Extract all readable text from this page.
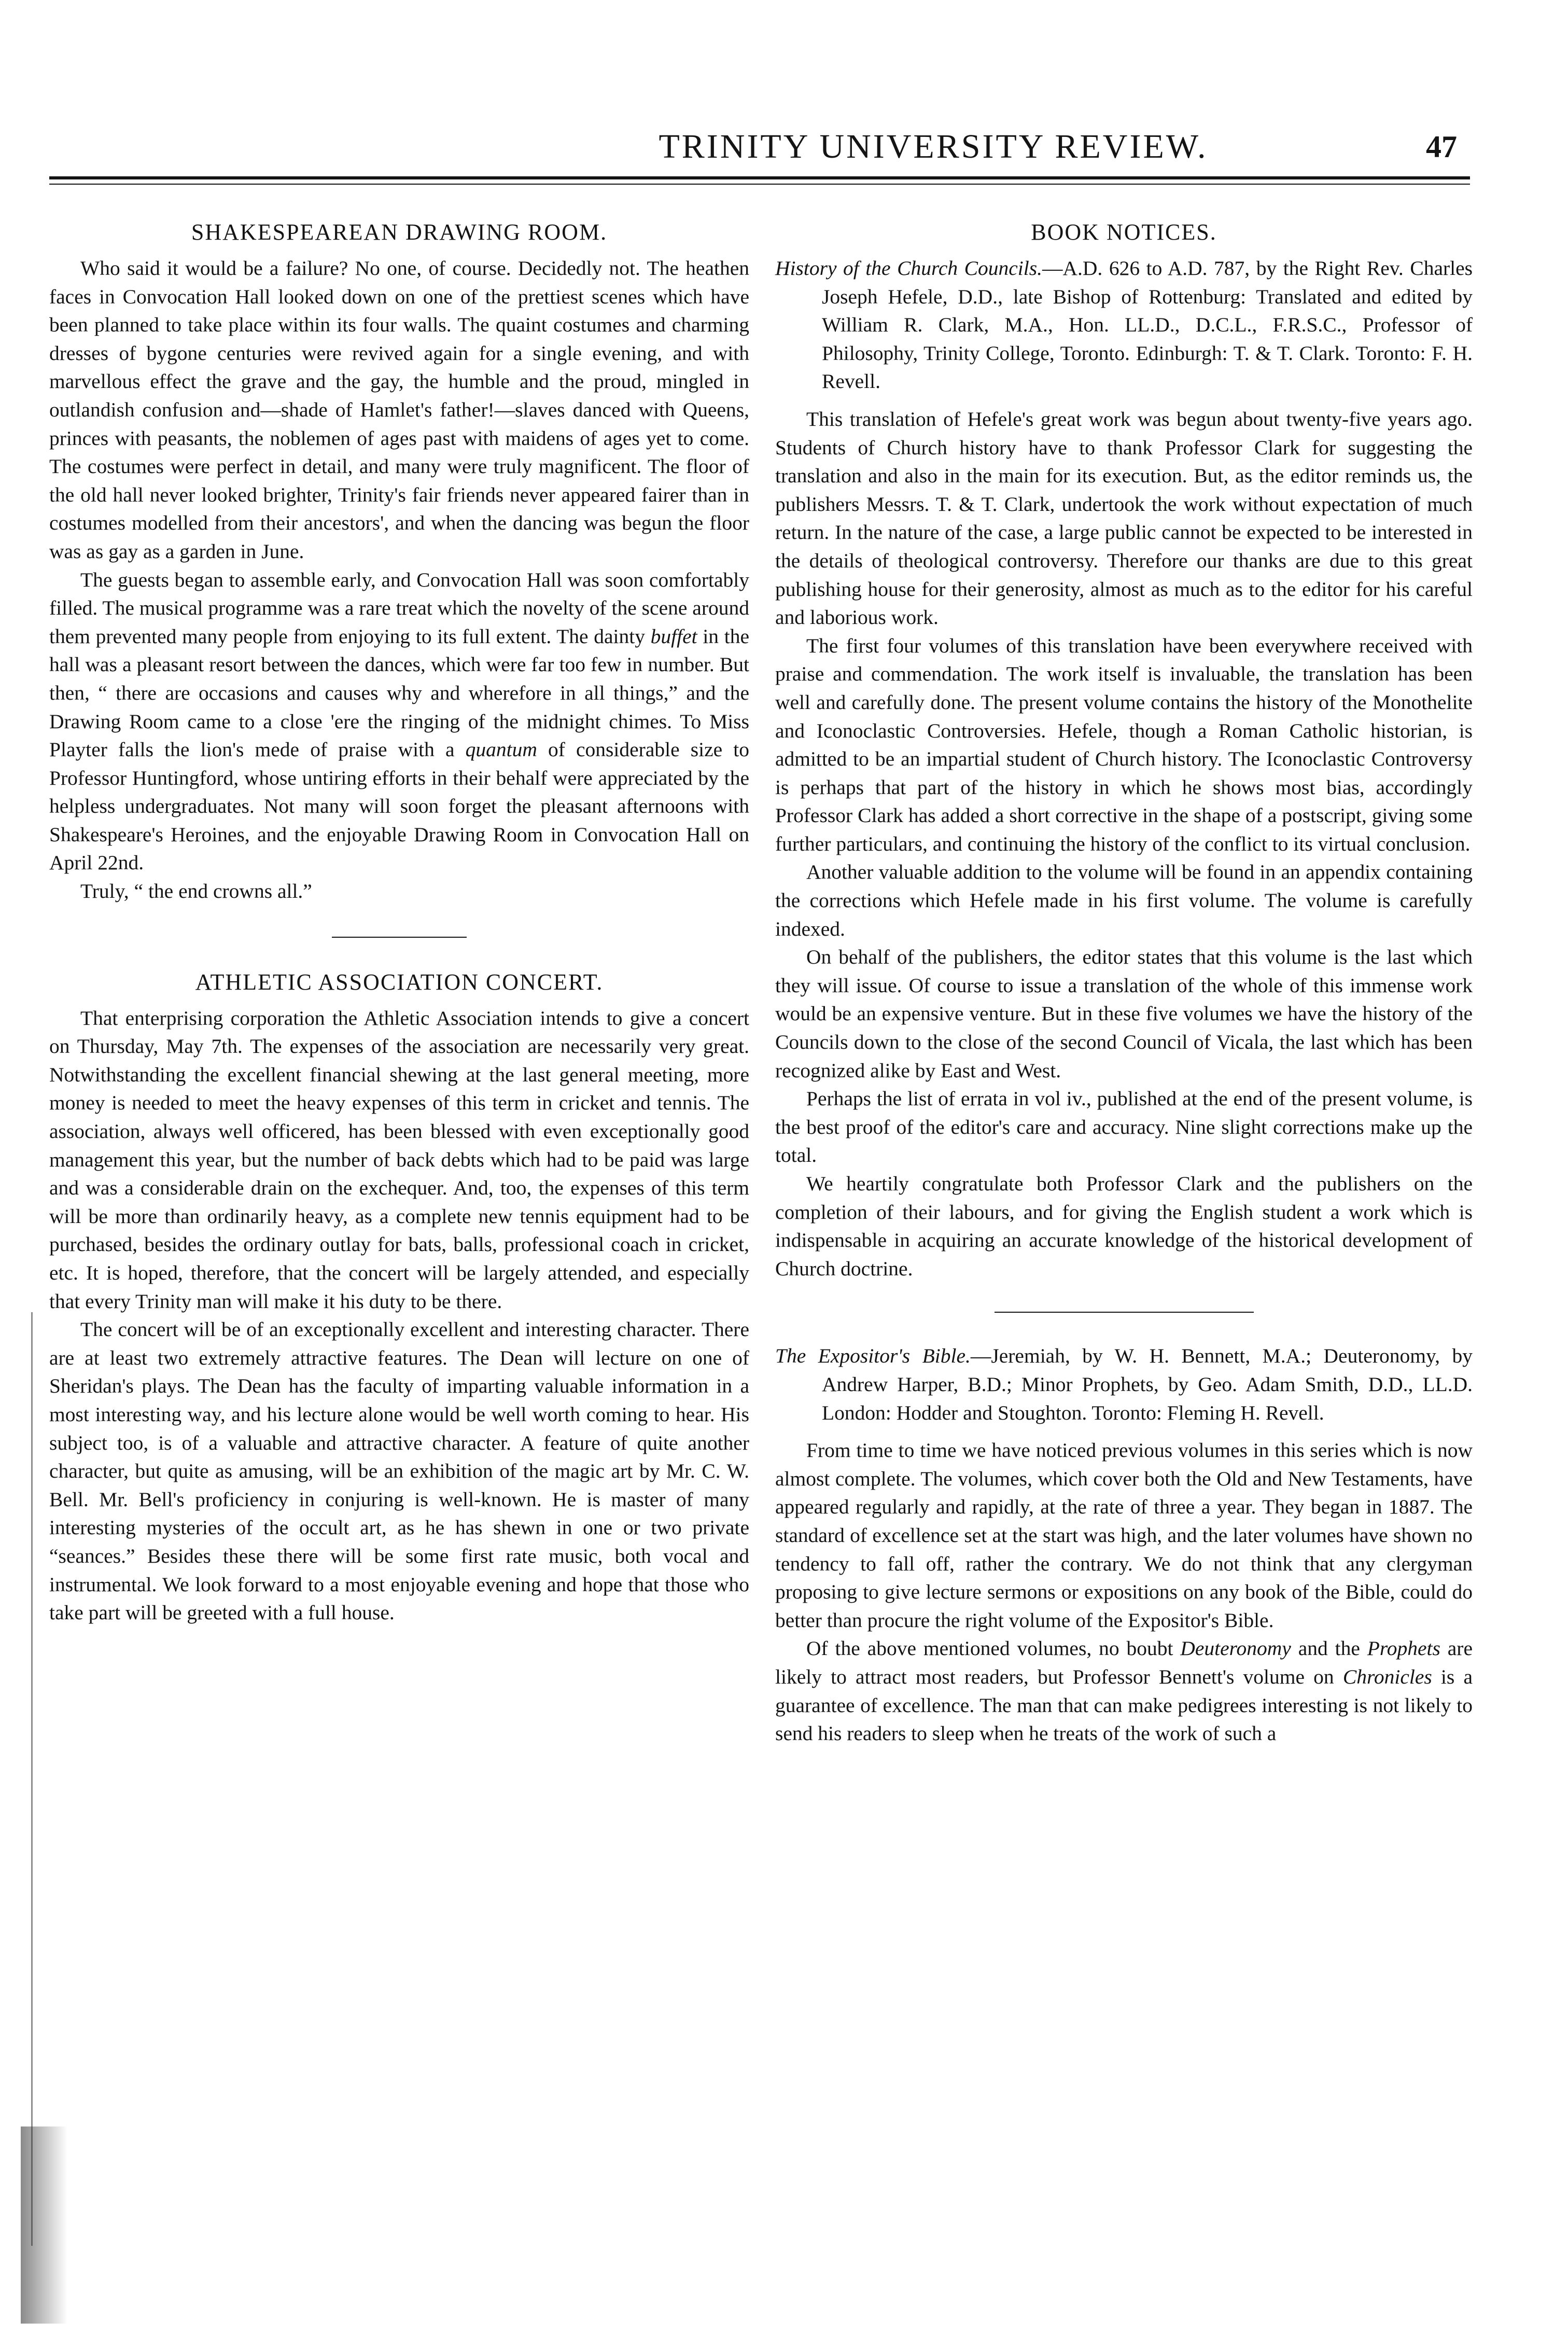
TRINITY UNIVERSITY REVIEW.	47
SHAKESPEAREAN DRAWING ROOM.

Who said it would be a failure? No one, of course. Decidedly not. The heathen faces in Convocation Hall looked down on one of the prettiest scenes which have been planned to take place within its four walls. The quaint costumes and charming dresses of bygone centuries were revived again for a single evening, and with marvellous effect the grave and the gay, the humble and the proud, mingled in outlandish confusion and—shade of Hamlet's father!—slaves danced with Queens, princes with peasants, the noblemen of ages past with maidens of ages yet to come. The costumes were perfect in detail, and many were truly magnificent. The floor of the old hall never looked brighter, Trinity's fair friends never appeared fairer than in costumes modelled from their ancestors', and when the dancing was begun the floor was as gay as a garden in June.

The guests began to assemble early, and Convocation Hall was soon comfortably filled. The musical programme was a rare treat which the novelty of the scene around them prevented many people from enjoying to its full extent. The dainty buffet in the hall was a pleasant resort between the dances, which were far too few in number. But then, “ there are occasions and causes why and wherefore in all things,” and the Drawing Room came to a close 'ere the ringing of the midnight chimes. To Miss Playter falls the lion's mede of praise with a quantum of considerable size to Professor Huntingford, whose untiring efforts in their behalf were appreciated by the helpless undergraduates. Not many will soon forget the pleasant afternoons with Shakespeare's Heroines, and the enjoyable Drawing Room in Convocation Hall on April 22nd.

Truly, “ the end crowns all.”

ATHLETIC ASSOCIATION CONCERT.

That enterprising corporation the Athletic Association intends to give a concert on Thursday, May 7th. The expenses of the association are necessarily very great. Notwithstanding the excellent financial shewing at the last general meeting, more money is needed to meet the heavy expenses of this term in cricket and tennis. The association, always well officered, has been blessed with even exceptionally good management this year, but the number of back debts which had to be paid was large and was a considerable drain on the exchequer. And, too, the expenses of this term will be more than ordinarily heavy, as a complete new tennis equipment had to be purchased, besides the ordinary outlay for bats, balls, professional coach in cricket, etc. It is hoped, therefore, that the concert will be largely attended, and especially that every Trinity man will make it his duty to be there.

The concert will be of an exceptionally excellent and interesting character. There are at least two extremely attractive features. The Dean will lecture on one of Sheridan's plays. The Dean has the faculty of imparting valuable information in a most interesting way, and his lecture alone would be well worth coming to hear. His subject too, is of a valuable and attractive character. A feature of quite another character, but quite as amusing, will be an exhibition of the magic art by Mr. C. W. Bell. Mr. Bell's proficiency in conjuring is well-known. He is master of many interesting mysteries of the occult art, as he has shewn in one or two private “seances.” Besides these there will be some first rate music, both vocal and instrumental. We look forward to a most enjoyable evening and hope that those who take part will be greeted with a full house.

BOOK NOTICES.

History of the Church Councils.—A.D. 626 to A.D. 787, by the Right Rev. Charles Joseph Hefele, D.D., late Bishop of Rottenburg: Translated and edited by William R. Clark, M.A., Hon. LL.D., D.C.L., F.R.S.C., Professor of Philosophy, Trinity College, Toronto. Edinburgh: T. & T. Clark. Toronto: F. H. Revell.

This translation of Hefele's great work was begun about twenty-five years ago. Students of Church history have to thank Professor Clark for suggesting the translation and also in the main for its execution. But, as the editor reminds us, the publishers Messrs. T. & T. Clark, undertook the work without expectation of much return. In the nature of the case, a large public cannot be expected to be interested in the details of theological controversy. Therefore our thanks are due to this great publishing house for their generosity, almost as much as to the editor for his careful and laborious work.

The first four volumes of this translation have been everywhere received with praise and commendation. The work itself is invaluable, the translation has been well and carefully done. The present volume contains the history of the Monothelite and Iconoclastic Controversies. Hefele, though a Roman Catholic historian, is admitted to be an impartial student of Church history. The Iconoclastic Controversy is perhaps that part of the history in which he shows most bias, accordingly Professor Clark has added a short corrective in the shape of a postscript, giving some further particulars, and continuing the history of the conflict to its virtual conclusion.

Another valuable addition to the volume will be found in an appendix containing the corrections which Hefele made in his first volume. The volume is carefully indexed.

On behalf of the publishers, the editor states that this volume is the last which they will issue. Of course to issue a translation of the whole of this immense work would be an expensive venture. But in these five volumes we have the history of the Councils down to the close of the second Council of Vicala, the last which has been recognized alike by East and West.

Perhaps the list of errata in vol iv., published at the end of the present volume, is the best proof of the editor's care and accuracy. Nine slight corrections make up the total.

We heartily congratulate both Professor Clark and the publishers on the completion of their labours, and for giving the English student a work which is indispensable in acquiring an accurate knowledge of the historical development of Church doctrine.

The Expositor's Bible.—Jeremiah, by W. H. Bennett, M.A.; Deuteronomy, by Andrew Harper, B.D.; Minor Prophets, by Geo. Adam Smith, D.D., LL.D. London: Hodder and Stoughton. Toronto: Fleming H. Revell.

From time to time we have noticed previous volumes in this series which is now almost complete. The volumes, which cover both the Old and New Testaments, have appeared regularly and rapidly, at the rate of three a year. They began in 1887. The standard of excellence set at the start was high, and the later volumes have shown no tendency to fall off, rather the contrary. We do not think that any clergyman proposing to give lecture sermons or expositions on any book of the Bible, could do better than procure the right volume of the Expositor's Bible.

Of the above mentioned volumes, no boubt Deuteronomy and the Prophets are likely to attract most readers, but Professor Bennett's volume on Chronicles is a guarantee of excellence. The man that can make pedigrees interesting is not likely to send his readers to sleep when he treats of the work of such a
